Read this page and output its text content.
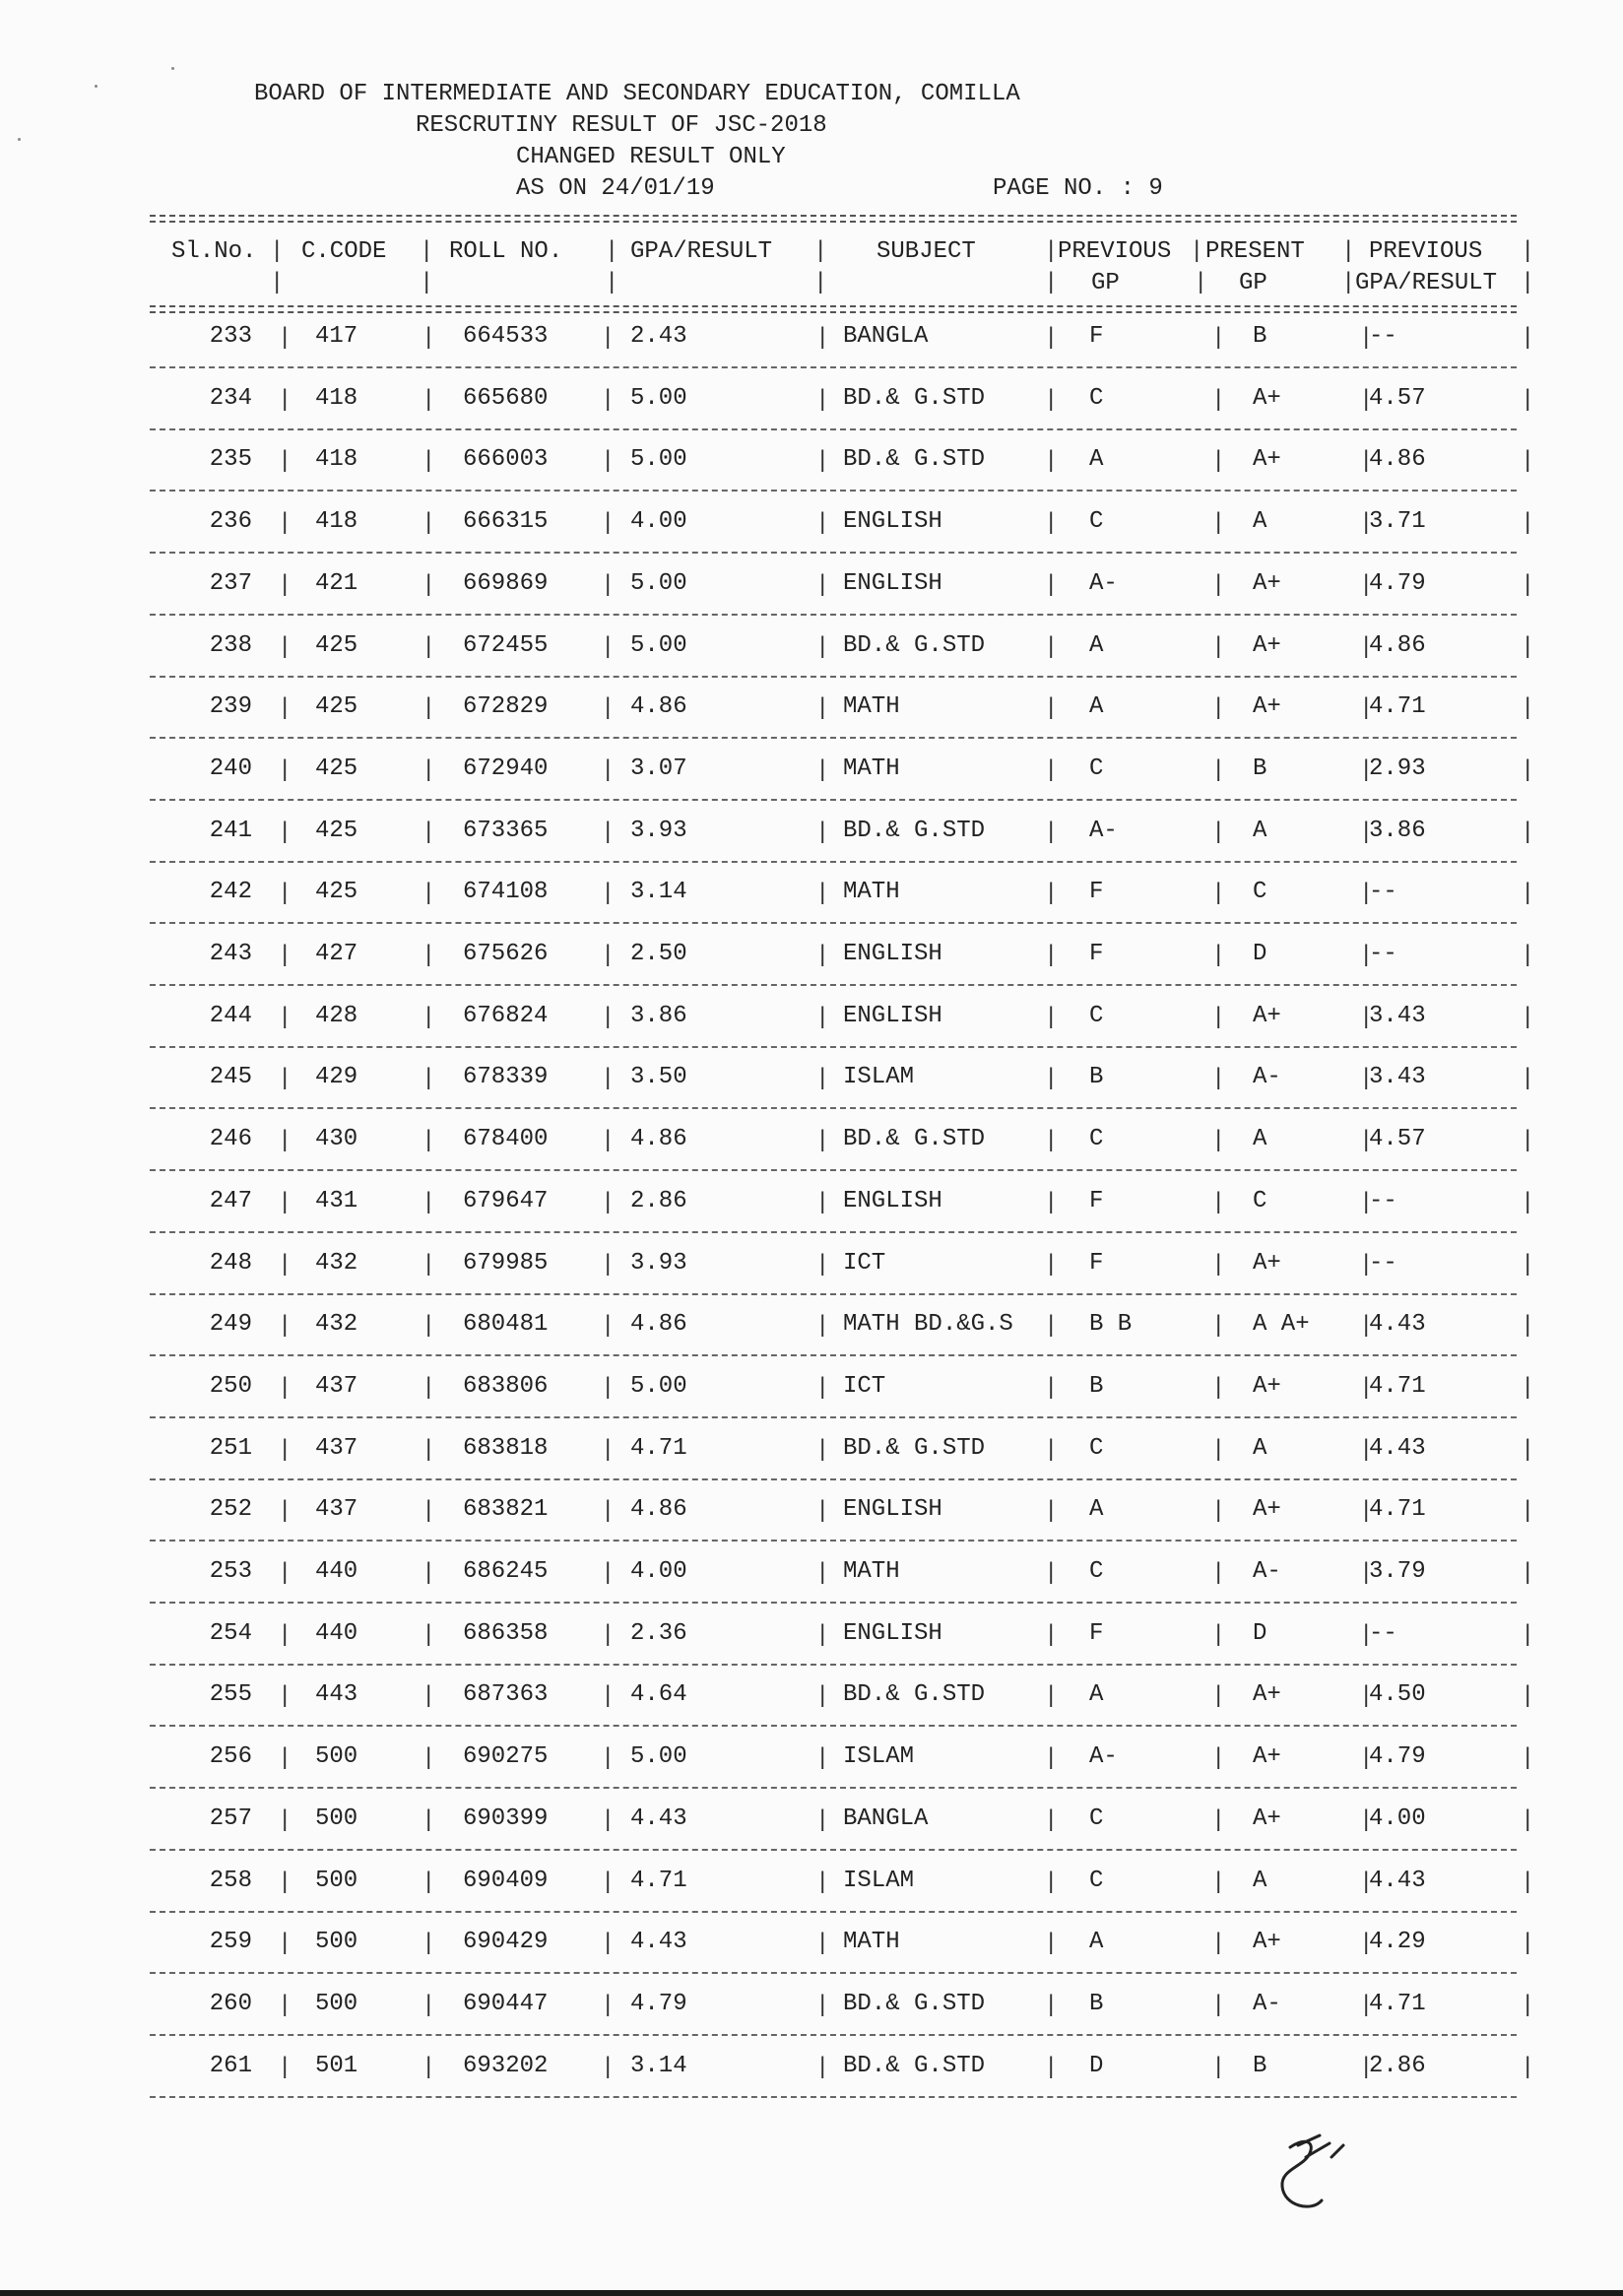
BOARD OF INTERMEDIATE AND SECONDARY EDUCATION, COMILLA
RESCRUTINY RESULT OF JSC-2018
CHANGED RESULT ONLY
AS ON 24/01/19	PAGE NO. : 9
Sl.No. | C.CODE | ROLL NO. | GPA/RESULT | SUBJECT	| PREVIOUS | PRESENT | PREVIOUS |
|	|	|	|	| GP	| GP	| GPA/RESULT |
233	417	664533	2.43	BANGLA	F	B	--
|	|	|	|	|	|	|	|
234	418	665680	5.00	BD.& G.STD	C	A+	4.57
|	|	|	|	|	|	|	|
235	418	666003	5.00	BD.& G.STD	A	A+	4.86
|	|	|	|	|	|	|	|
236	418	666315	4.00	ENGLISH	C	A	3.71
|	|	|	|	|	|	|	|
237	421	669869	5.00	ENGLISH	A-	A+	4.79
|	|	|	|	|	|	|	|
238	425	672455	5.00	BD.& G.STD	A	A+	4.86
|	|	|	|	|	|	|	|
239	425	672829	4.86	MATH	A	A+	4.71
|	|	|	|	|	|	|	|
240	425	672940	3.07	MATH	C	B	2.93
|	|	|	|	|	|	|	|
241	425	673365	3.93	BD.& G.STD	A-	A	3.86
|	|	|	|	|	|	|	|
242	425	674108	3.14	MATH	F	C	--
|	|	|	|	|	|	|	|
243	427	675626	2.50	ENGLISH	F	D	--
|	|	|	|	|	|	|	|
244	428	676824	3.86	ENGLISH	C	A+	3.43
|	|	|	|	|	|	|	|
245	429	678339	3.50	ISLAM	B	A-	3.43
|	|	|	|	|	|	|	|
246	430	678400	4.86	BD.& G.STD	C	A	4.57
|	|	|	|	|	|	|	|
247	431	679647	2.86	ENGLISH	F	C	--
|	|	|	|	|	|	|	|
248	432	679985	3.93	ICT	F	A+	--
|	|	|	|	|	|	|	|
249	432	680481	4.86	MATH BD.&G.S	B B	A A+	4.43
|	|	|	|	|	|	|	|
250	437	683806	5.00	ICT	B	A+	4.71
|	|	|	|	|	|	|	|
251	437	683818	4.71	BD.& G.STD	C	A	4.43
|	|	|	|	|	|	|	|
252	437	683821	4.86	ENGLISH	A	A+	4.71
|	|	|	|	|	|	|	|
253	440	686245	4.00	MATH	C	A-	3.79
|	|	|	|	|	|	|	|
254	440	686358	2.36	ENGLISH	F	D	--
|	|	|	|	|	|	|	|
255	443	687363	4.64	BD.& G.STD	A	A+	4.50
|	|	|	|	|	|	|	|
256	500	690275	5.00	ISLAM	A-	A+	4.79
|	|	|	|	|	|	|	|
257	500	690399	4.43	BANGLA	C	A+	4.00
|	|	|	|	|	|	|	|
258	500	690409	4.71	ISLAM	C	A	4.43
|	|	|	|	|	|	|	|
259	500	690429	4.43	MATH	A	A+	4.29
|	|	|	|	|	|	|	|
260	500	690447	4.79	BD.& G.STD	B	A-	4.71
|	|	|	|	|	|	|	|
261	501	693202	3.14	BD.& G.STD	D	B	2.86
|	|	|	|	|	|	|	|
